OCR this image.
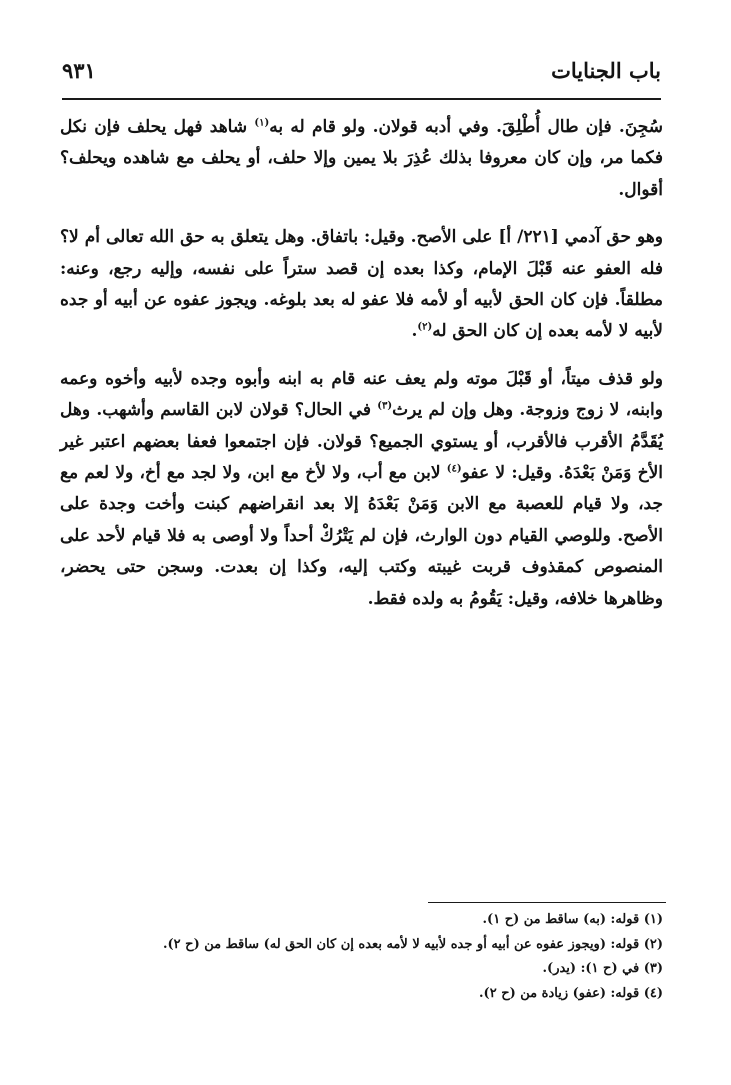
باب الجنايات
٩٣١

سُجِنَ. فإن طال أُطْلِقَ. وفي أدبه قولان. ولو قام له به$^{(١)}$ شاهد فهل يحلف فإن نكل فكما مر، وإن كان معروفا بذلك عُذِرَ بلا يمين وإلا حلف، أو يحلف مع شاهده ويحلف؟ أقوال.

وهو حق آدمي [٢٢١/ أ] على الأصح. وقيل: باتفاق. وهل يتعلق به حق الله تعالى أم لا؟ فله العفو عنه قَبْلَ الإمام، وكذا بعده إن قصد ستراً على نفسه، وإليه رجع، وعنه: مطلقاً. فإن كان الحق لأبيه أو لأمه فلا عفو له بعد بلوغه. ويجوز عفوه عن أبيه أو جده لأبيه لا لأمه بعده إن كان الحق له$^{(٢)}$.

ولو قذف ميتاً، أو قَبْلَ موته ولم يعف عنه قام به ابنه وأبوه وجده لأبيه وأخوه وعمه وابنه، لا زوج وزوجة. وهل وإن لم يرث$^{(٣)}$ في الحال؟ قولان لابن القاسم وأشهب. وهل يُقَدَّمُ الأقرب فالأقرب، أو يستوي الجميع؟ قولان. فإن اجتمعوا فعفا بعضهم اعتبر غير الأخ وَمَنْ بَعْدَهُ. وقيل: لا عفو$^{(٤)}$ لابن مع أب، ولا لأخ مع ابن، ولا لجد مع أخ، ولا لعم مع جد، ولا قيام للعصبة مع الابن وَمَنْ بَعْدَهُ إلا بعد انقراضهم كبنت وأخت وجدة على الأصح. وللوصي القيام دون الوارث، فإن لم يَتْرُكْ أحداً ولا أوصى به فلا قيام لأحد على المنصوص كمقذوف قربت غيبته وكتب إليه، وكذا إن بعدت. وسجن حتى يحضر، وظاهرها خلافه، وقيل: يَقُومُ به ولده فقط.

(١) قوله: (به) ساقط من (ح ١).

(٢) قوله: (ويجوز عفوه عن أبيه أو جده لأبيه لا لأمه بعده إن كان الحق له) ساقط من (ح ٢).

(٣) في (ح ١): (يدر).

(٤) قوله: (عفو) زيادة من (ح ٢).
